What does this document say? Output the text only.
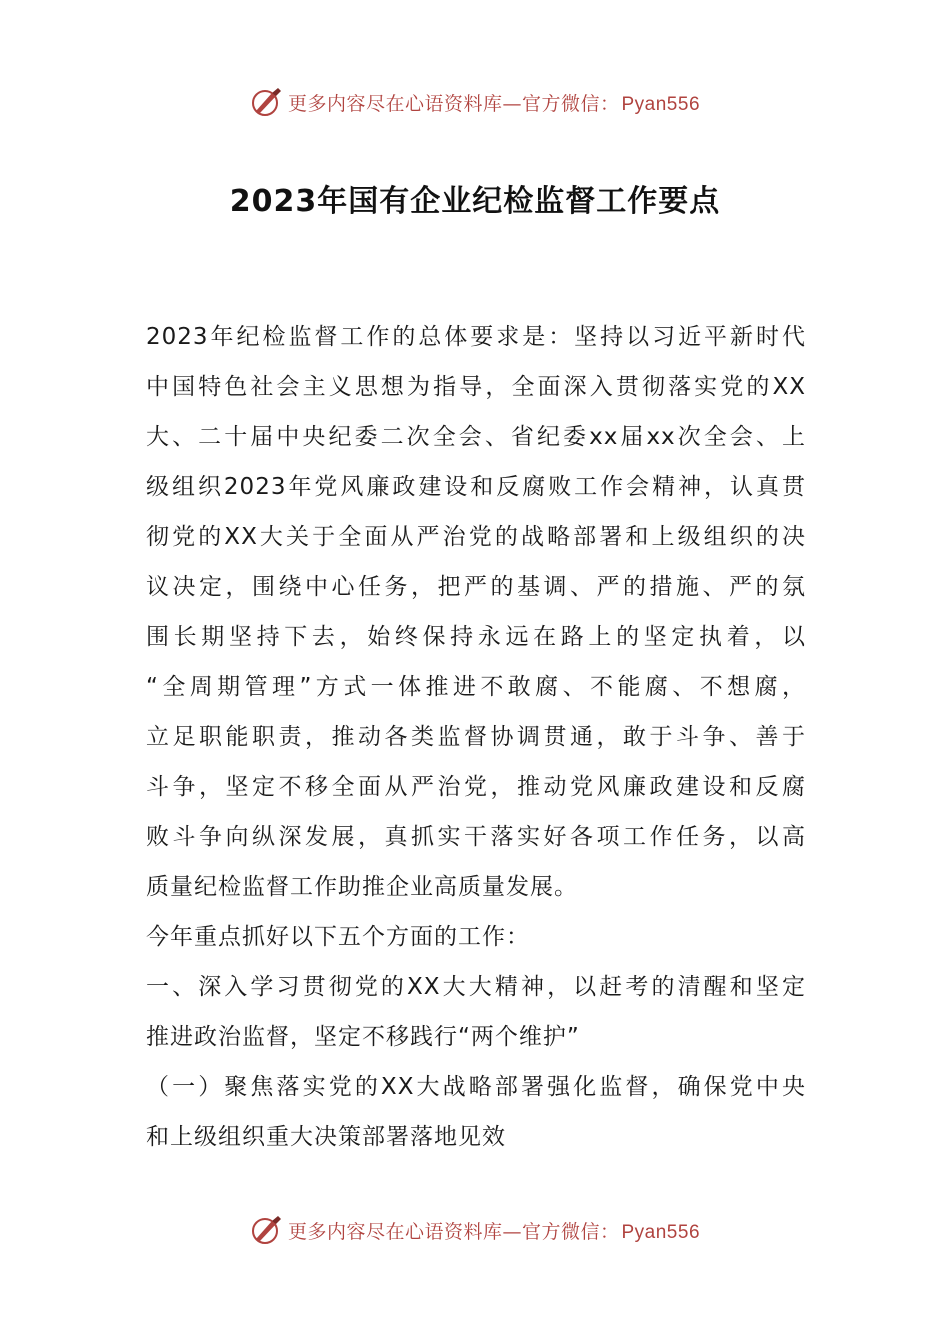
更多内容尽在心语资料库—官方微信： Pyan556
2023年国有企业纪检监督工作要点
2023年纪检监督工作的总体要求是：坚持以习近平新时代
中国特色社会主义思想为指导，全面深入贯彻落实党的XX
大、二十届中央纪委二次全会、省纪委xx届xx次全会、上
级组织2023年党风廉政建设和反腐败工作会精神，认真贯
彻党的XX大关于全面从严治党的战略部署和上级组织的决
议决定，围绕中心任务，把严的基调、严的措施、严的氛
围长期坚持下去，始终保持永远在路上的坚定执着，以
“全周期管理”方式一体推进不敢腐、不能腐、不想腐，
立足职能职责，推动各类监督协调贯通，敢于斗争、善于
斗争，坚定不移全面从严治党，推动党风廉政建设和反腐
败斗争向纵深发展，真抓实干落实好各项工作任务，以高
质量纪检监督工作助推企业高质量发展。
今年重点抓好以下五个方面的工作：
一、深入学习贯彻党的XX大大精神，以赶考的清醒和坚定
推进政治监督，坚定不移践行“两个维护”
（一）聚焦落实党的XX大战略部署强化监督，确保党中央
和上级组织重大决策部署落地见效
更多内容尽在心语资料库—官方微信： Pyan556
